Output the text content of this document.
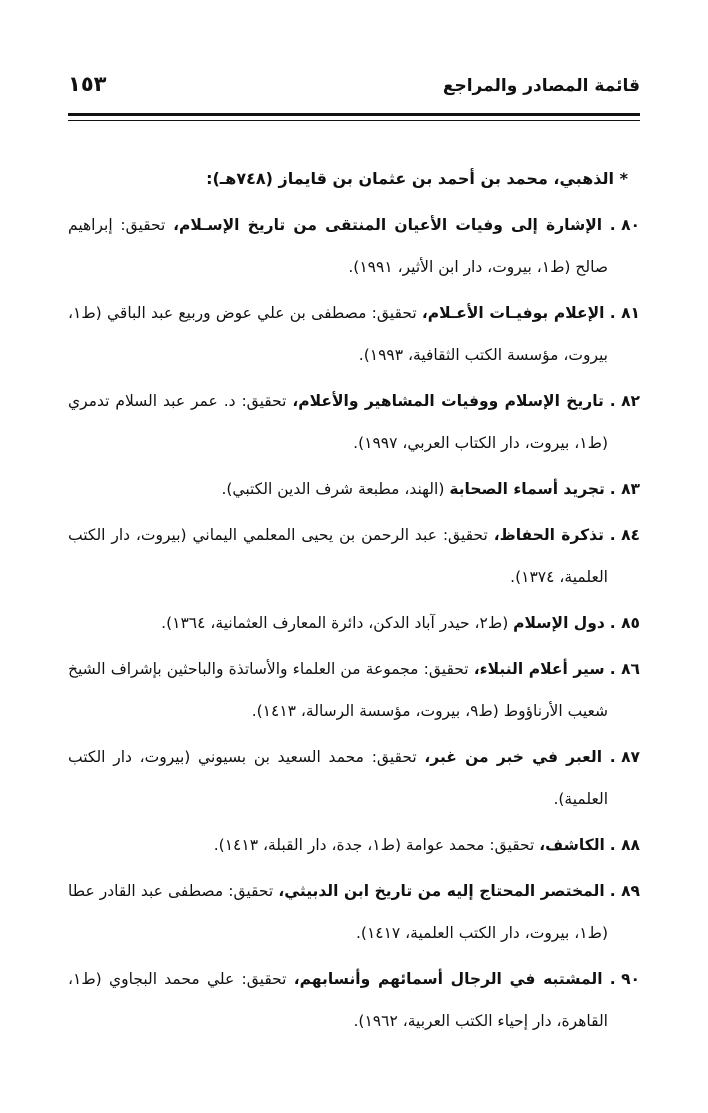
قائمة المصادر والمراجع
١٥٣
* الذهبي، محمد بن أحمد بن عثمان بن قايماز (٧٤٨هـ):
٨٠ . الإشارة إلى وفيات الأعيان المنتقى من تاريخ الإسـلام، تحقيق: إبراهيم صالح (ط١، بيروت، دار ابن الأثير، ١٩٩١).
٨١ . الإعلام بوفيـات الأعـلام، تحقيق: مصطفى بن علي عوض وربيع عبد الباقي (ط١، بيروت، مؤسسة الكتب الثقافية، ١٩٩٣).
٨٢ . تاريخ الإسلام ووفيات المشاهير والأعلام، تحقيق: د. عمر عبد السلام تدمري (ط١، بيروت، دار الكتاب العربي، ١٩٩٧).
٨٣ . تجريد أسماء الصحابة (الهند، مطبعة شرف الدين الكتبي).
٨٤ . تذكرة الحفاظ، تحقيق: عبد الرحمن بن يحيى المعلمي اليماني (بيروت، دار الكتب العلمية، ١٣٧٤).
٨٥ . دول الإسلام (ط٢، حيدر آباد الدكن، دائرة المعارف العثمانية، ١٣٦٤).
٨٦ . سير أعلام النبلاء، تحقيق: مجموعة من العلماء والأساتذة والباحثين بإشراف الشيخ شعيب الأرناؤوط (ط٩، بيروت، مؤسسة الرسالة، ١٤١٣).
٨٧ . العبر في خبر من غبر، تحقيق: محمد السعيد بن بسيوني (بيروت، دار الكتب العلمية).
٨٨ . الكاشف، تحقيق: محمد عوامة (ط١، جدة، دار القبلة، ١٤١٣).
٨٩ . المختصر المحتاج إليه من تاريخ ابن الدبيثي، تحقيق: مصطفى عبد القادر عطا (ط١، بيروت، دار الكتب العلمية، ١٤١٧).
٩٠ . المشتبه في الرجال أسمائهم وأنسابهم، تحقيق: علي محمد البجاوي (ط١، القاهرة، دار إحياء الكتب العربية، ١٩٦٢).
